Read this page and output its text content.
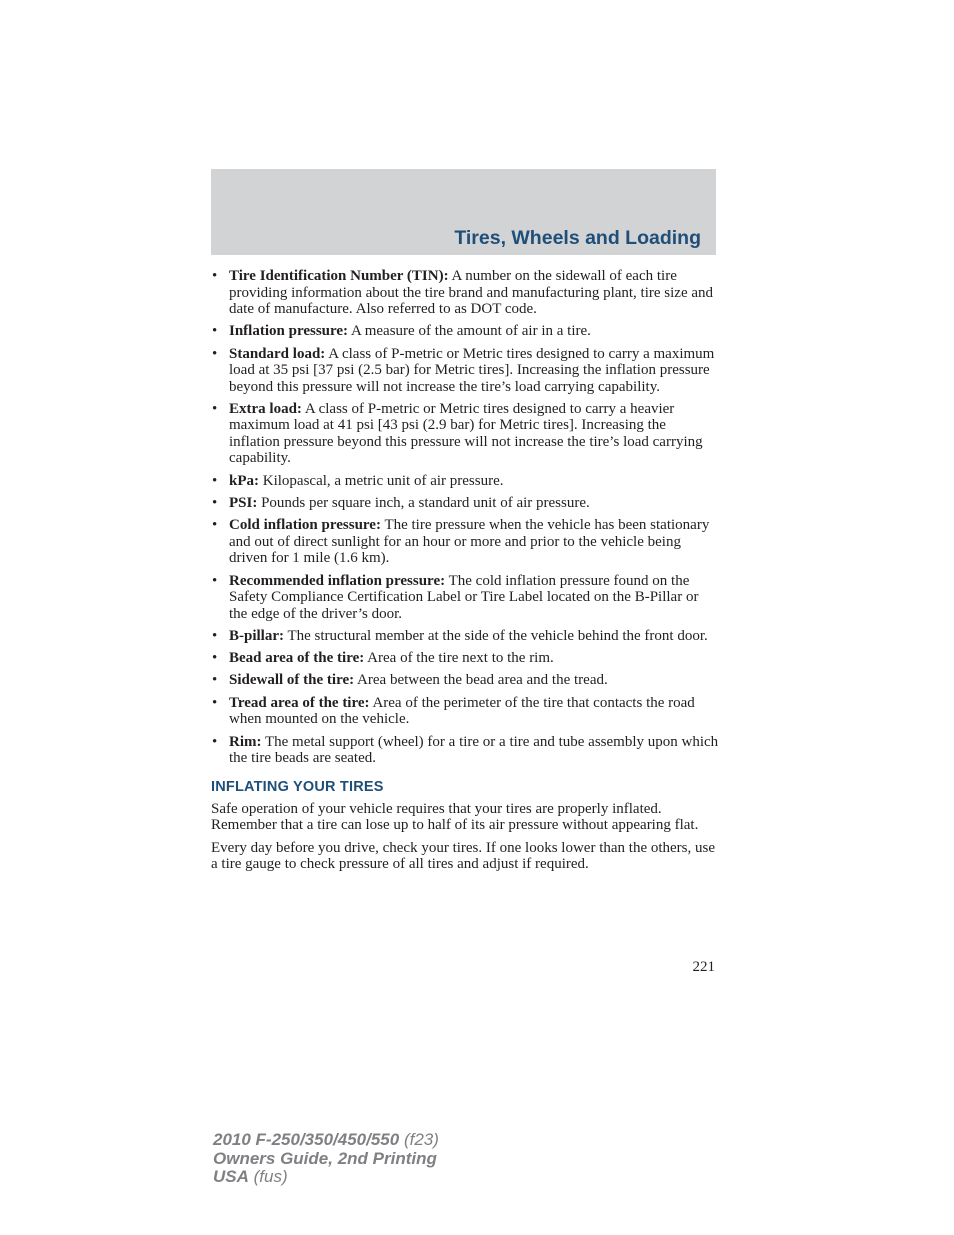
Tires, Wheels and Loading
• Tire Identification Number (TIN): A number on the sidewall of each tire providing information about the tire brand and manufacturing plant, tire size and date of manufacture. Also referred to as DOT code.
• Inflation pressure: A measure of the amount of air in a tire.
• Standard load: A class of P-metric or Metric tires designed to carry a maximum load at 35 psi [37 psi (2.5 bar) for Metric tires]. Increasing the inflation pressure beyond this pressure will not increase the tire’s load carrying capability.
• Extra load: A class of P-metric or Metric tires designed to carry a heavier maximum load at 41 psi [43 psi (2.9 bar) for Metric tires]. Increasing the inflation pressure beyond this pressure will not increase the tire’s load carrying capability.
• kPa: Kilopascal, a metric unit of air pressure.
• PSI: Pounds per square inch, a standard unit of air pressure.
• Cold inflation pressure: The tire pressure when the vehicle has been stationary and out of direct sunlight for an hour or more and prior to the vehicle being driven for 1 mile (1.6 km).
• Recommended inflation pressure: The cold inflation pressure found on the Safety Compliance Certification Label or Tire Label located on the B-Pillar or the edge of the driver’s door.
• B-pillar: The structural member at the side of the vehicle behind the front door.
• Bead area of the tire: Area of the tire next to the rim.
• Sidewall of the tire: Area between the bead area and the tread.
• Tread area of the tire: Area of the perimeter of the tire that contacts the road when mounted on the vehicle.
• Rim: The metal support (wheel) for a tire or a tire and tube assembly upon which the tire beads are seated.
INFLATING YOUR TIRES

Safe operation of your vehicle requires that your tires are properly inflated. Remember that a tire can lose up to half of its air pressure without appearing flat.

Every day before you drive, check your tires. If one looks lower than the others, use a tire gauge to check pressure of all tires and adjust if required.

221
2010 F-250/350/450/550 (f23)
Owners Guide, 2nd Printing
USA (fus)
